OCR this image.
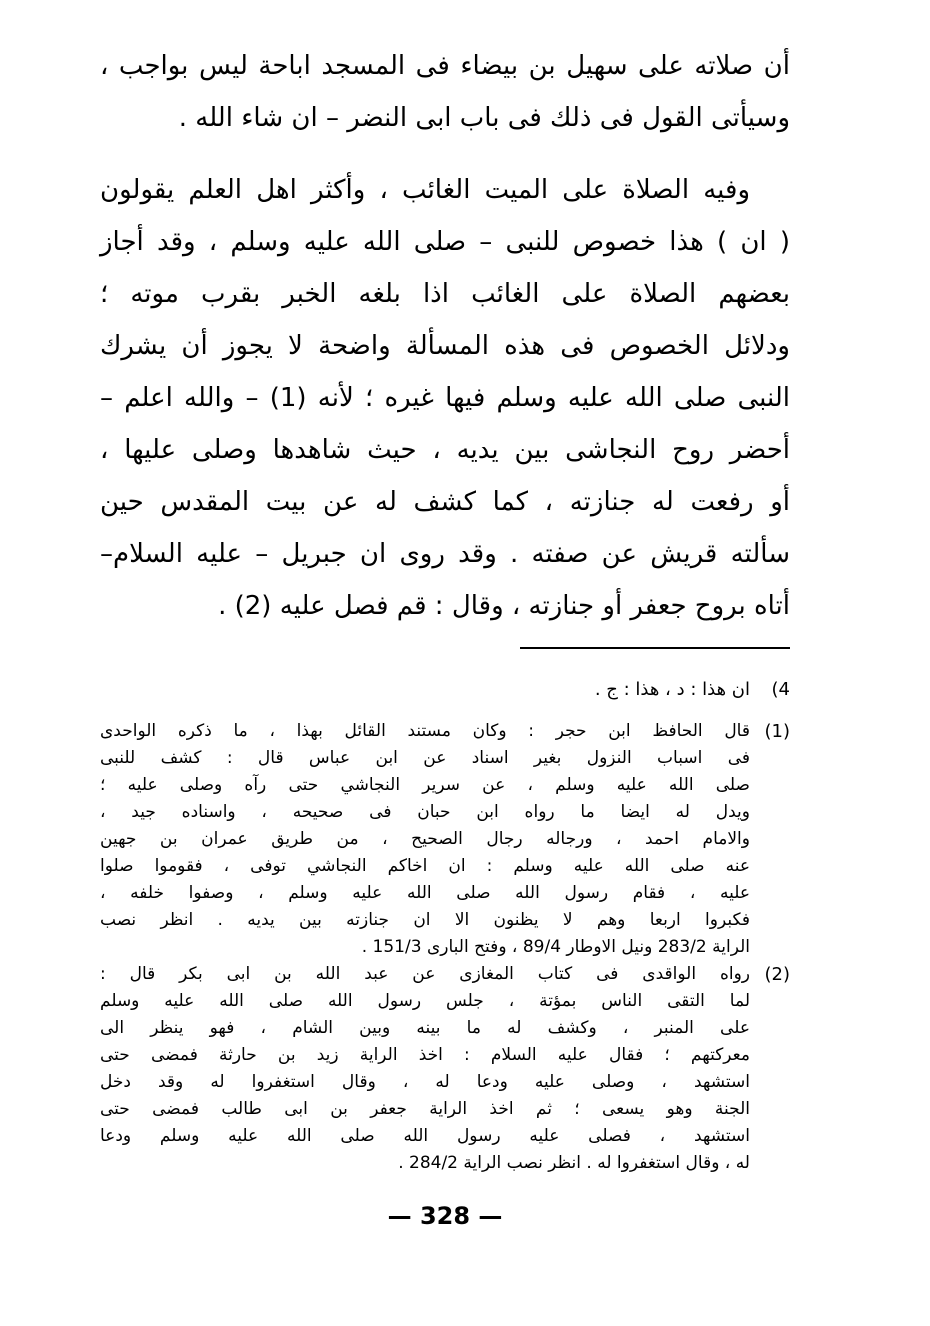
أن صلاته على سهيل بن بيضاء فى المسجد اباحة ليس بواجب ،

وسيأتى القول فى ذلك فى باب ابى النضر – ان شاء الله .

وفيه الصلاة على الميت الغائب ، وأكثر اهل العلم يقولون

( ان ) هذا خصوص للنبى – صلى الله عليه وسلم ، وقد أجاز

بعضهم الصلاة على الغائب اذا بلغه الخبر بقرب موته ؛

ودلائل الخصوص فى هذه المسألة واضحة لا يجوز أن يشرك

النبى صلى الله عليه وسلم فيها غيره ؛ لأنه (1) – والله اعلم –

أحضر روح النجاشى بين يديه ، حيث شاهدها وصلى عليها ،

أو رفعت له جنازته ، كما كشف له عن بيت المقدس حين

سألته قريش عن صفته . وقد روى ان جبريل – عليه السلام–

أتاه بروح جعفر أو جنازته ، وقال : قم فصل عليه (2) .

4)

ان هذا : د ، هذا : ج .

(1)

قال الحافظ ابن حجر : وكان مستند القائل بهذا ، ما ذكره الواحدى

فى اسباب النزول بغير اسناد عن ابن عباس قال : كشف للنبى

صلى الله عليه وسلم ، عن سرير النجاشي حتى رآه وصلى عليه ؛

ويدل له ايضا ما رواه ابن حبان فى صحيحه ، واسناده جيد ،

والامام احمد ، ورجاله رجال الصحيح ، من طريق عمران بن جهين

عنه صلى الله عليه وسلم : ان اخاكم النجاشي توفى ، فقوموا صلوا

عليه ، فقام رسول الله صلى الله عليه وسلم ، وصفوا خلفه ،

فكبروا اربعا وهم لا يظنون الا ان جنازته بين يديه . انظر نصب

الراية 283/2 ونيل الاوطار 89/4 ، وفتح البارى 151/3 .

(2)

رواه الواقدى فى كتاب المغازى عن عبد الله بن ابى بكر قال :

لما التقى الناس بمؤتة ، جلس رسول الله صلى الله عليه وسلم

على المنبر ، وكشف له ما بينه وبين الشام ، فهو ينظر الى

معركتهم ؛ فقال عليه السلام : اخذ الراية زيد بن حارثة فمضى حتى

استشهد ، وصلى عليه ودعا له ، وقال استغفروا له وقد دخل

الجنة وهو يسعى ؛ ثم اخذ الراية جعفر بن ابى طالب فمضى حتى

استشهد ، فصلى عليه رسول الله صلى الله عليه وسلم ودعا

له ، وقال استغفروا له . انظر نصب الراية 284/2 .

— 328 —
